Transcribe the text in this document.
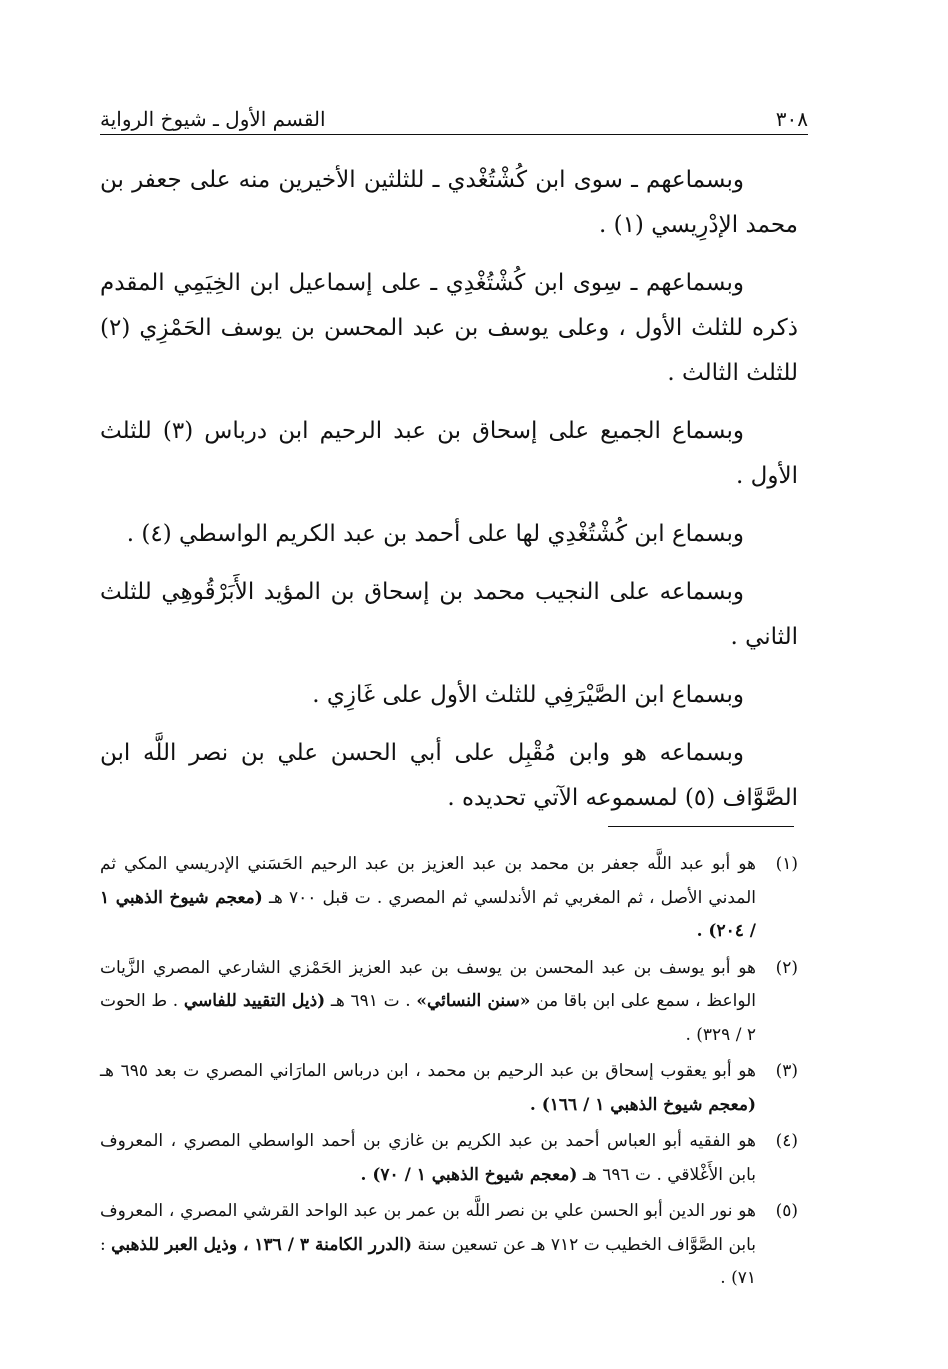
٣٠٨
القسم الأول ـ شيوخ الرواية

وبسماعهم ـ سوى ابن كُشْتُغْدي ـ للثلثين الأخيرين منه على جعفر بن محمد الإدْرِيسي (١) .

وبسماعهم ـ سِوى ابن كُشْتُغْدِي ـ على إسماعيل ابن الخِيَمِي المقدم ذكره للثلث الأول ، وعلى يوسف بن عبد المحسن بن يوسف الحَمْزِي (٢) للثلث الثالث .

وبسماع الجميع على إسحاق بن عبد الرحيم ابن درباس (٣) للثلث الأول .

وبسماع ابن كُشْتُغْدِي لها على أحمد بن عبد الكريم الواسطي (٤) .

وبسماعه على النجيب محمد بن إسحاق بن المؤيد الأَبَرْقُوهِي للثلث الثاني .

وبسماع ابن الصَّيْرَفِي للثلث الأول على غَازِي .

وبسماعه هو وابن مُقْبِل على أبي الحسن علي بن نصر اللَّه ابن الصَّوَّاف (٥) لمسموعه الآتي تحديده .

(١)
هو أبو عبد اللَّه جعفر بن محمد بن عبد العزيز بن عبد الرحيم الحَسَني الإدريسي المكي ثم المدني الأصل ، ثم المغربي ثم الأندلسي ثم المصري . ت قبل ٧٠٠ هـ (معجم شيوخ الذهبي ١ / ٢٠٤) .
(٢)
هو أبو يوسف بن عبد المحسن بن يوسف بن عبد العزيز الحَمْزي الشارعي المصري الزَّيات الواعظ ، سمع على ابن باقا من «سنن النسائي» . ت ٦٩١ هـ (ذيل التقييد للفاسي . ط الحوت ٢ / ٣٢٩) .
(٣)
هو أبو يعقوب إسحاق بن عبد الرحيم بن محمد ، ابن درباس المارَاني المصري ت بعد ٦٩٥ هـ (معجم شيوخ الذهبي ١ / ١٦٦) .
(٤)
هو الفقيه أبو العباس أحمد بن عبد الكريم بن غازي بن أحمد الواسطي المصري ، المعروف بابن الأَغْلاقي . ت ٦٩٦ هـ (معجم شيوخ الذهبي ١ / ٧٠) .
(٥)
هو نور الدين أبو الحسن علي بن نصر اللَّه بن عمر بن عبد الواحد القرشي المصري ، المعروف بابن الصَّوَّاف الخطيب ت ٧١٢ هـ عن تسعين سنة (الدرر الكامنة ٣ / ١٣٦ ، وذيل العبر للذهبي : ٧١) .
